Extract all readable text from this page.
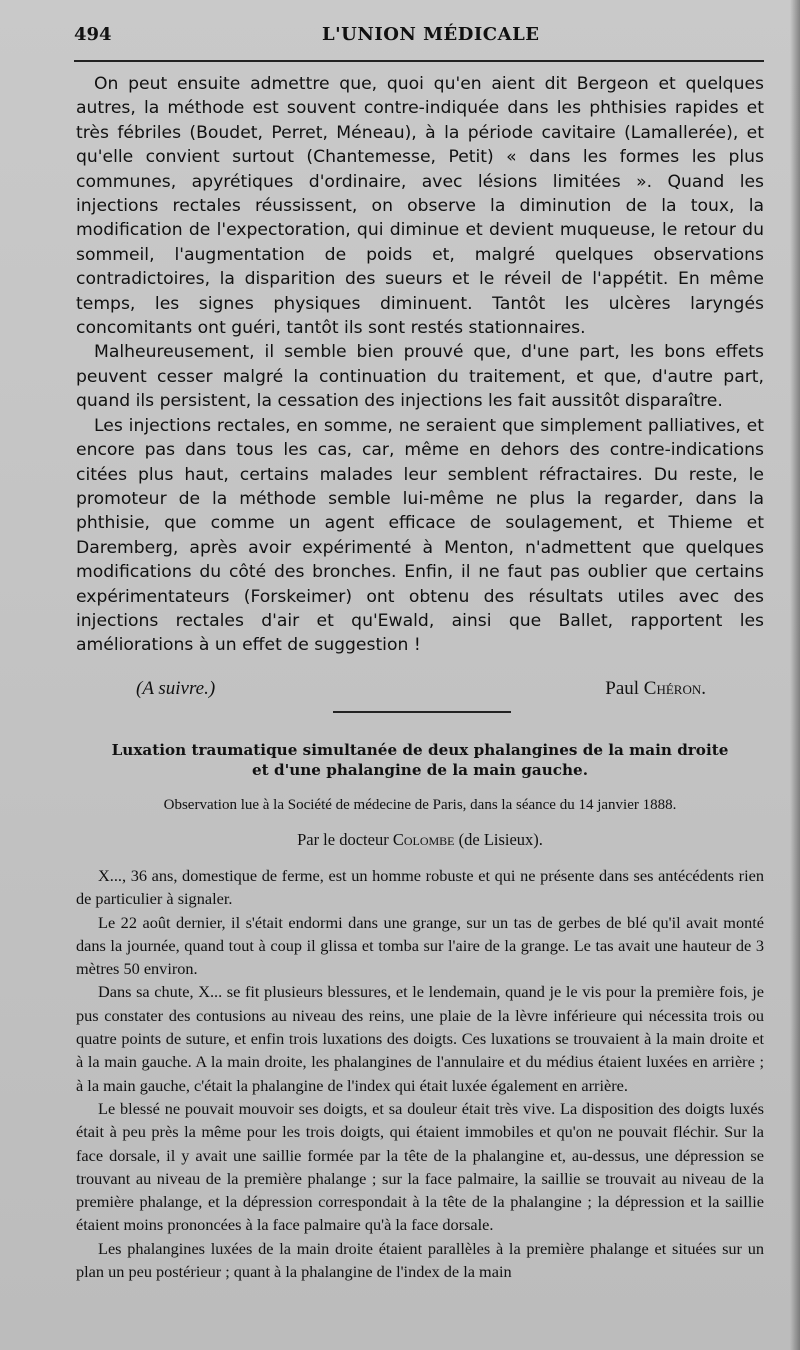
494	L'UNION MÉDICALE

On peut ensuite admettre que, quoi qu'en aient dit Bergeon et quelques autres, la méthode est souvent contre-indiquée dans les phthisies rapides et très fébriles (Boudet, Perret, Méneau), à la période cavitaire (Lamallerée), et qu'elle convient surtout (Chantemesse, Petit) « dans les formes les plus communes, apyrétiques d'ordinaire, avec lésions limitées ». Quand les injections rectales réussissent, on observe la diminution de la toux, la modification de l'expectoration, qui diminue et devient muqueuse, le retour du sommeil, l'augmentation de poids et, malgré quelques observations contradictoires, la disparition des sueurs et le réveil de l'appétit. En même temps, les signes physiques diminuent. Tantôt les ulcères laryngés concomitants ont guéri, tantôt ils sont restés stationnaires.

Malheureusement, il semble bien prouvé que, d'une part, les bons effets peuvent cesser malgré la continuation du traitement, et que, d'autre part, quand ils persistent, la cessation des injections les fait aussitôt disparaître.

Les injections rectales, en somme, ne seraient que simplement palliatives, et encore pas dans tous les cas, car, même en dehors des contre-indications citées plus haut, certains malades leur semblent réfractaires. Du reste, le promoteur de la méthode semble lui-même ne plus la regarder, dans la phthisie, que comme un agent efficace de soulagement, et Thieme et Daremberg, après avoir expérimenté à Menton, n'admettent que quelques modifications du côté des bronches. Enfin, il ne faut pas oublier que certains expérimentateurs (Forskeimer) ont obtenu des résultats utiles avec des injections rectales d'air et qu'Ewald, ainsi que Ballet, rapportent les améliorations à un effet de suggestion !

(A suivre.)	Paul Chéron.
Luxation traumatique simultanée de deux phalangines de la main droite
et d'une phalangine de la main gauche.
Observation lue à la Société de médecine de Paris, dans la séance du 14 janvier 1888.
Par le docteur Colombe (de Lisieux).

X..., 36 ans, domestique de ferme, est un homme robuste et qui ne présente dans ses antécédents rien de particulier à signaler.

Le 22 août dernier, il s'était endormi dans une grange, sur un tas de gerbes de blé qu'il avait monté dans la journée, quand tout à coup il glissa et tomba sur l'aire de la grange. Le tas avait une hauteur de 3 mètres 50 environ.

Dans sa chute, X... se fit plusieurs blessures, et le lendemain, quand je le vis pour la première fois, je pus constater des contusions au niveau des reins, une plaie de la lèvre inférieure qui nécessita trois ou quatre points de suture, et enfin trois luxations des doigts. Ces luxations se trouvaient à la main droite et à la main gauche. A la main droite, les phalangines de l'annulaire et du médius étaient luxées en arrière ; à la main gauche, c'était la phalangine de l'index qui était luxée également en arrière.

Le blessé ne pouvait mouvoir ses doigts, et sa douleur était très vive. La disposition des doigts luxés était à peu près la même pour les trois doigts, qui étaient immobiles et qu'on ne pouvait fléchir. Sur la face dorsale, il y avait une saillie formée par la tête de la phalangine et, au-dessus, une dépression se trouvant au niveau de la première phalange ; sur la face palmaire, la saillie se trouvait au niveau de la première phalange, et la dépression correspondait à la tête de la phalangine ; la dépression et la saillie étaient moins prononcées à la face palmaire qu'à la face dorsale.

Les phalangines luxées de la main droite étaient parallèles à la première phalange et situées sur un plan un peu postérieur ; quant à la phalangine de l'index de la main
